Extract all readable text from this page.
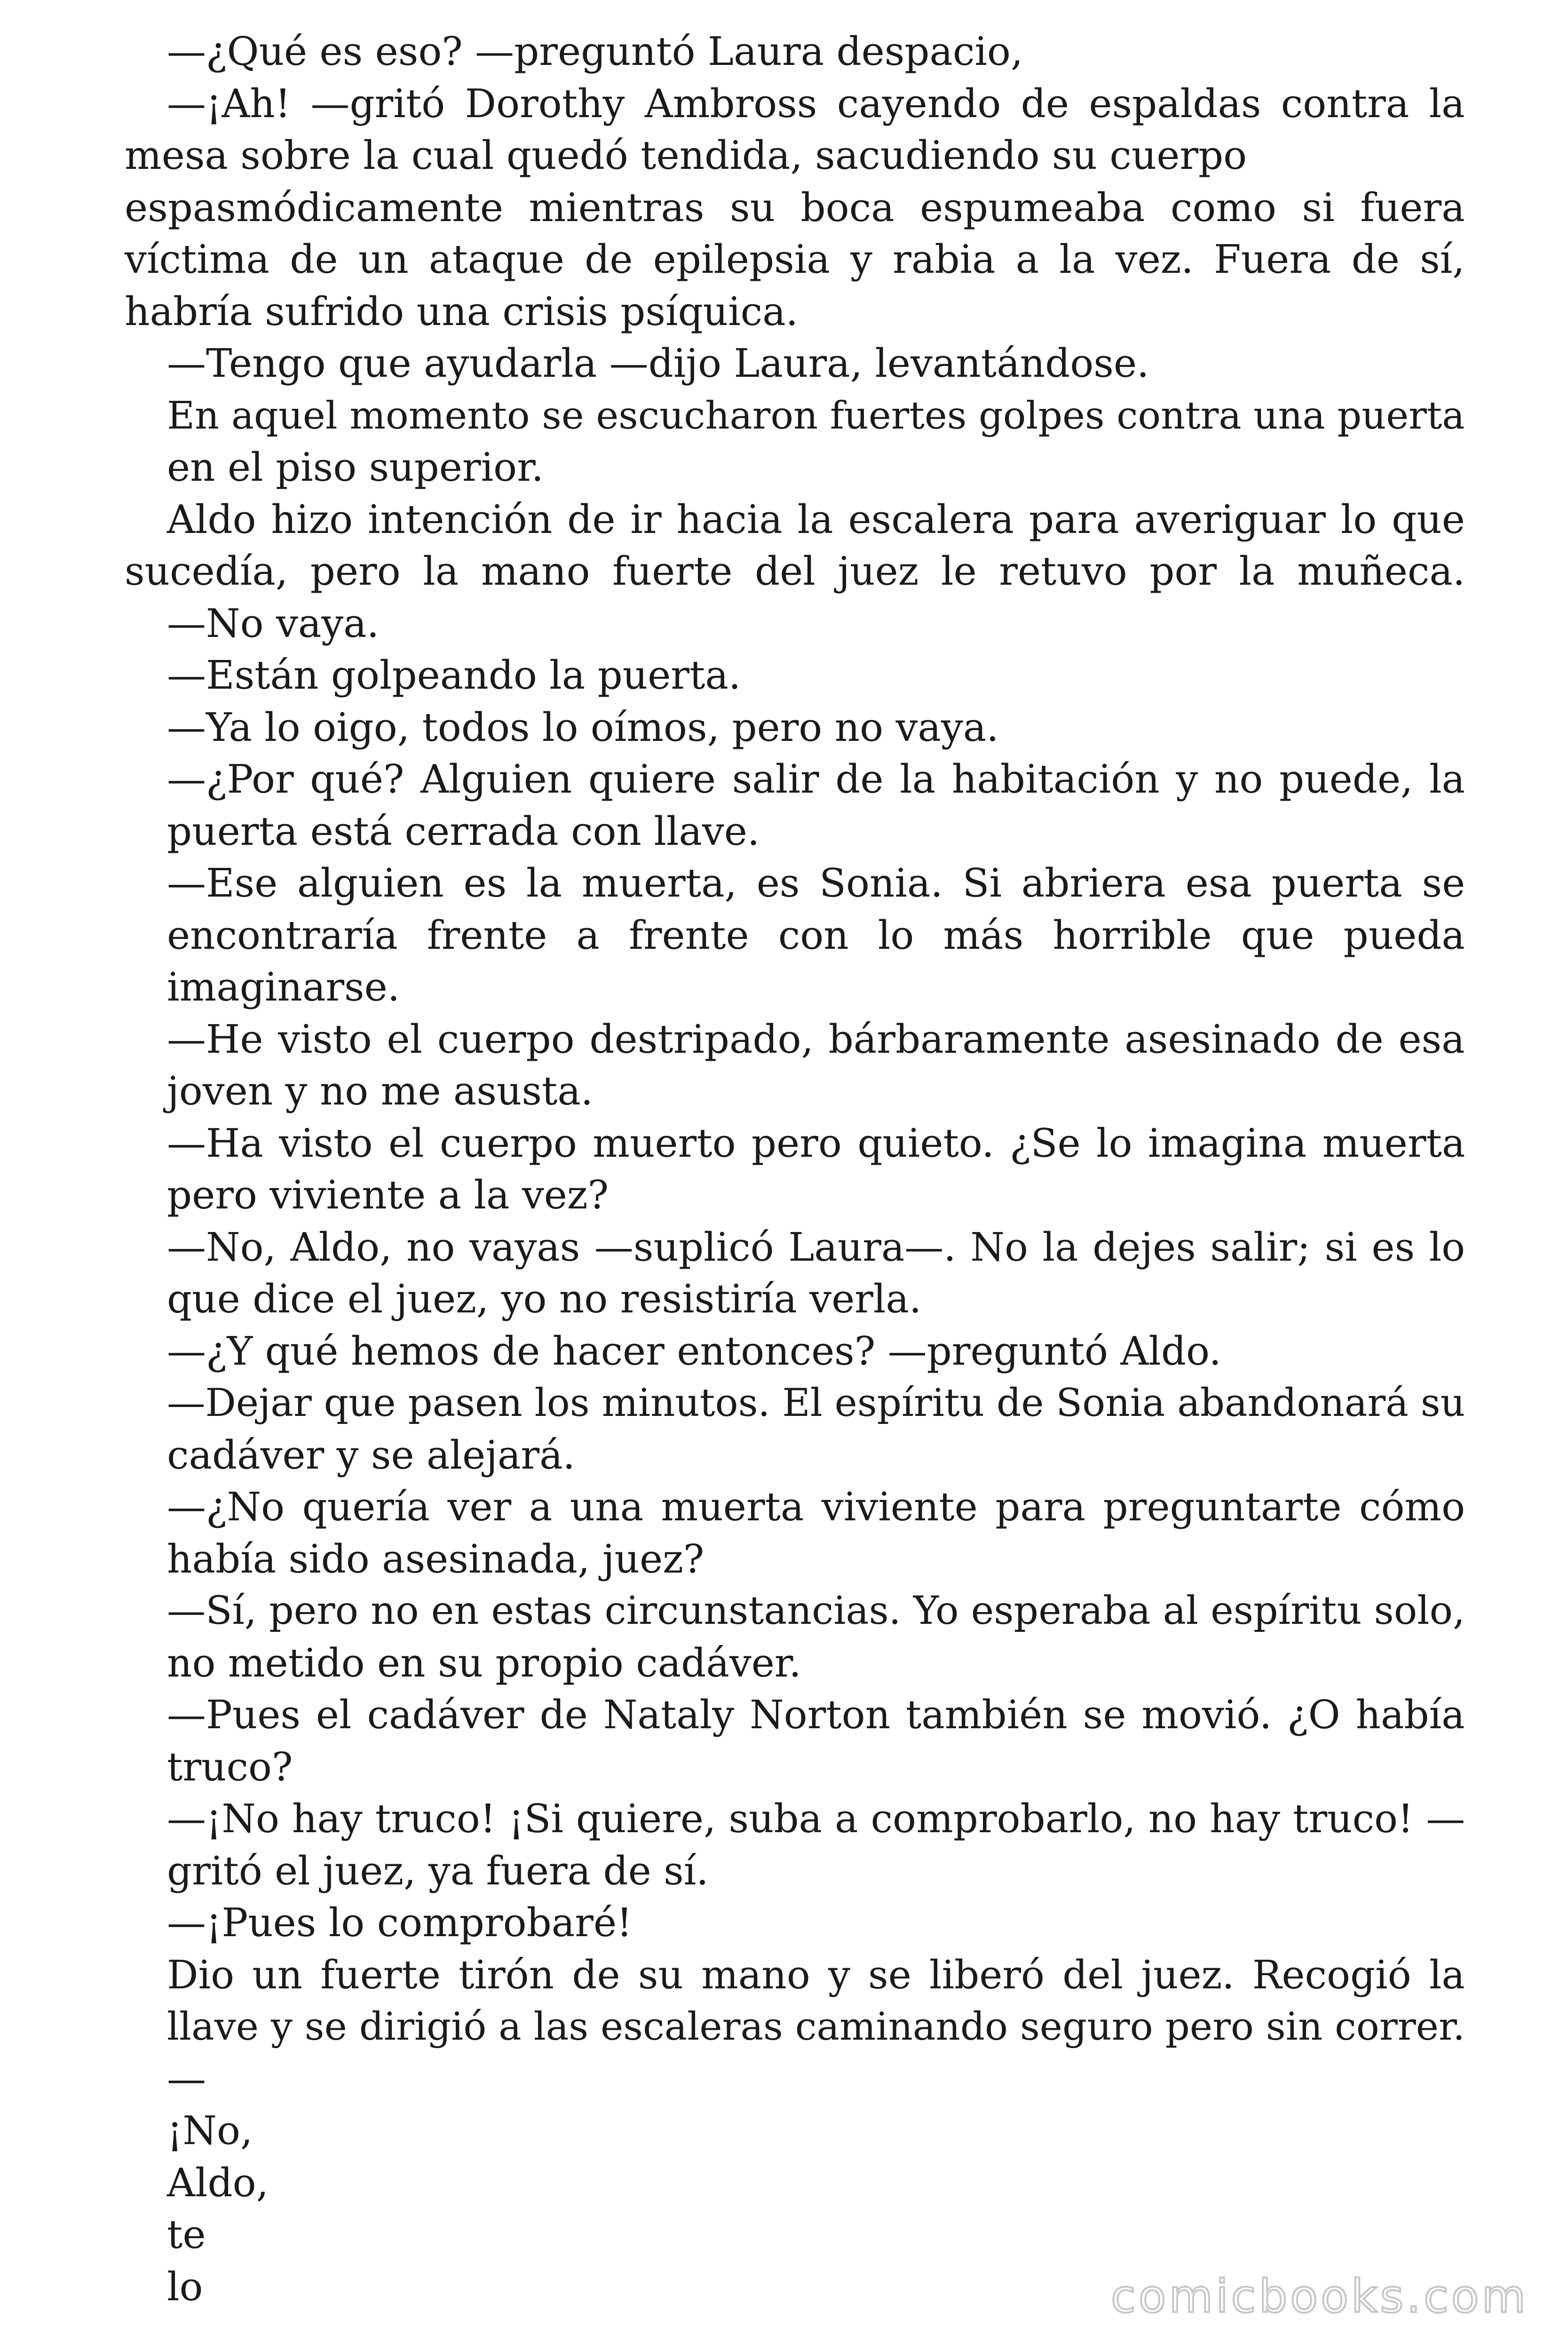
—¿Qué es eso? —preguntó Laura despacio,
—¡Ah! —gritó Dorothy Ambross cayendo de espaldas contra la
mesa sobre la cual quedó tendida, sacudiendo su cuerpo
espasmódicamente mientras su boca espumeaba como si fuera
víctima de un ataque de epilepsia y rabia a la vez. Fuera de sí,
habría sufrido una crisis psíquica.
—Tengo que ayudarla —dijo Laura, levantándose.
En aquel momento se escucharon fuertes golpes contra una puerta
en el piso superior.
Aldo hizo intención de ir hacia la escalera para averiguar lo que
sucedía, pero la mano fuerte del juez le retuvo por la muñeca.
—No vaya.
—Están golpeando la puerta.
—Ya lo oigo, todos lo oímos, pero no vaya.
—¿Por qué? Alguien quiere salir de la habitación y no puede, la
puerta está cerrada con llave.
—Ese alguien es la muerta, es Sonia. Si abriera esa puerta se
encontraría frente a frente con lo más horrible que pueda
imaginarse.
—He visto el cuerpo destripado, bárbaramente asesinado de esa
joven y no me asusta.
—Ha visto el cuerpo muerto pero quieto. ¿Se lo imagina muerta
pero viviente a la vez?
—No, Aldo, no vayas —suplicó Laura—. No la dejes salir; si es lo
que dice el juez, yo no resistiría verla.
—¿Y qué hemos de hacer entonces? —preguntó Aldo.
—Dejar que pasen los minutos. El espíritu de Sonia abandonará su
cadáver y se alejará.
—¿No quería ver a una muerta viviente para preguntarte cómo
había sido asesinada, juez?
—Sí, pero no en estas circunstancias. Yo esperaba al espíritu solo,
no metido en su propio cadáver.
—Pues el cadáver de Nataly Norton también se movió. ¿O había
truco?
—¡No hay truco! ¡Si quiere, suba a comprobarlo, no hay truco! —
gritó el juez, ya fuera de sí.
—¡Pues lo comprobaré!
Dio un fuerte tirón de su mano y se liberó del juez. Recogió la
llave y se dirigió a las escaleras caminando seguro pero sin correr.
—
¡No,
Aldo,
te
lo	comicbooks.com
